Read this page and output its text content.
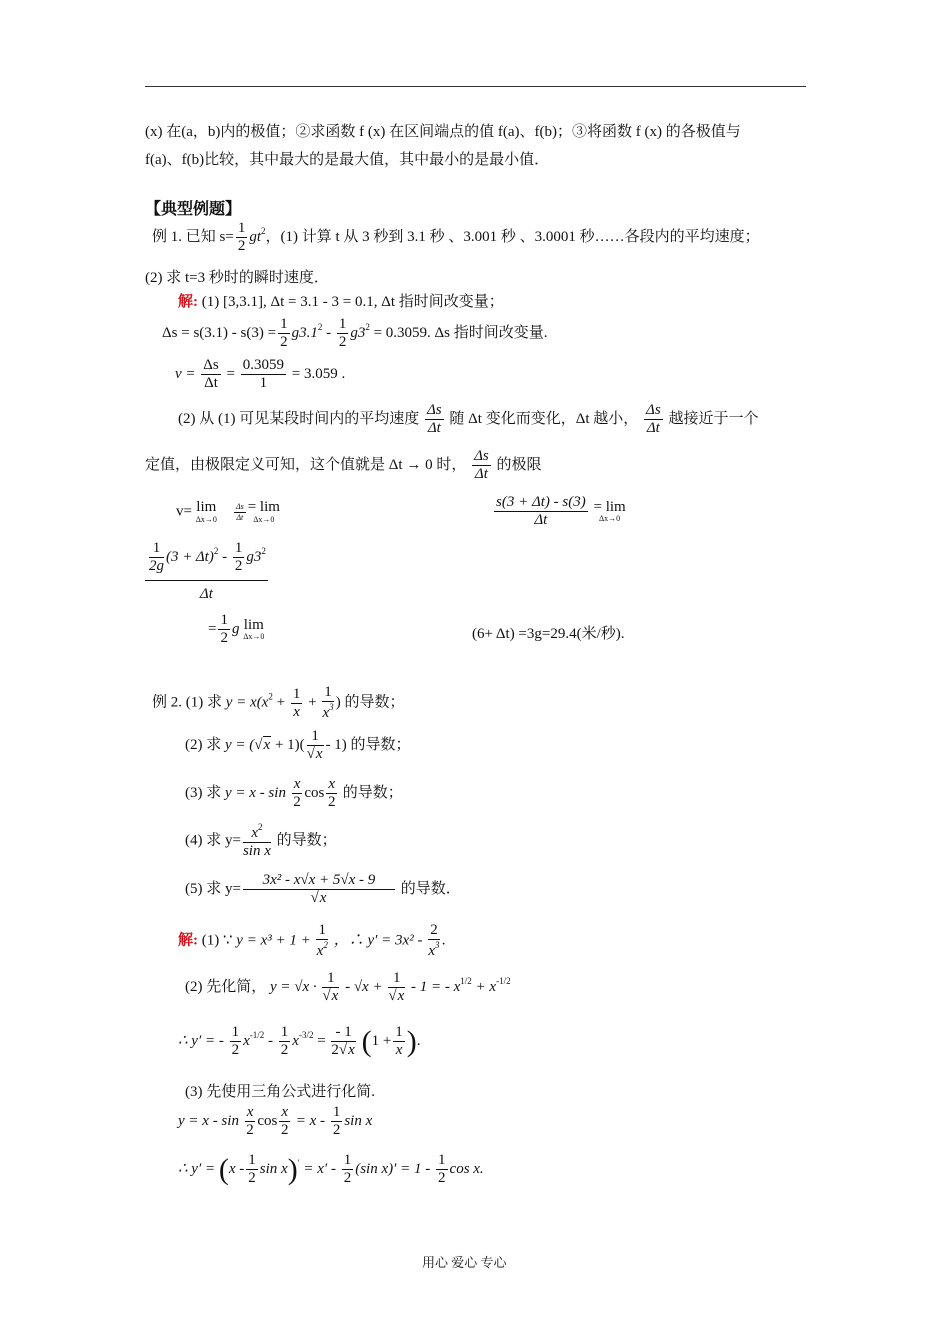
(x) 在(a，b)内的极值；②求函数 f (x) 在区间端点的值 f(a)、f(b)；③将函数 f (x) 的各极值与
f(a)、f(b)比较，其中最大的是最大值，其中最小的是最小值．
【典型例题】
例 1. 已知 $s= \frac{1}{2} gt^2$，(1) 计算 t 从 3 秒到 3.1 秒 、3.001 秒 、3.0001 秒……各段内的平均速度；
(2) 求 t=3 秒时的瞬时速度．
解: (1) [3,3.1], Δt = 3.1 - 3 = 0.1, Δt 指时间改变量；
$\Delta s = s(3.1) - s(3) = \frac{1}{2} g3.1^2 - \frac{1}{2} g3^2 = 0.3059$. Δs 指时间改变量.
$v = \frac{\Delta s}{\Delta t} = \frac{0.3059}{1} = 3.059$ .
(2) 从 (1) 可见某段时间内的平均速度 $\frac{\Delta s}{\Delta t}$ 随 Δt 变化而变化，Δt 越小， $\frac{\Delta s}{\Delta t}$ 越接近于一个
定值，由极限定义可知，这个值就是 Δt → 0 时， $\frac{\Delta s}{\Delta t}$ 的极限
v= lim
Δx→0
$\frac{\Delta s}{\Delta t} = \lim$
Δx→0	$\frac{s(3 + \Delta t) - s(3)}{\Delta t}$
= lim
Δx→0
$\frac{1}{2g} (3 + \Delta t)^2 - \frac{1}{2} g3^2$
Δt
= $\frac{1}{2}$ g lim
Δx→0	(6+ Δt) =3g=29.4(米/秒).
例 2. (1) 求 $y = x(x^2 + \frac{1}{x} + \frac{1}{x^3}$ ) 的导数；
(2) 求 $y = (√x + 1)( \frac{1}{√x} - 1)$ 的导数；
(3) 求 $y = x - \sin \frac{x}{2}$ $\cos \frac{x}{2}$ 的导数；
(4) 求 $y= \frac{x^2}{\text{sin x}}$ 的导数；
(5) 求 $y= \frac{\text{3x² - x√x + 5√x - 9}}{√x}$ 的导数．
解: (1) ∵ $y = x^3 + 1 + \frac{1}{x^2}$ ，∴ $y' = 3x^2 - \frac{2}{x^3}$ .
(2) 先化简， $y = √x \cdot \frac{1}{√x} - √x + \frac{1}{√x} - 1$ = - $x^{1/2} + x^{-1/2}$
∴ y′ = - $\frac{1}{2} x^{-1/2} - \frac{1}{2} x^{-3/2} = \frac{- 1}{2√x} (1 + \frac{1}{x}$ ).
(3) 先使用三角公式进行化简.
$y = x - \sin \frac{x}{2}$ $\cos \frac{x}{2} = x - \frac{1}{2}$ sin x
∴ $y' = (x - \frac{1}{2}$ $\sin x)' = x' - \frac{1}{2} (\sin$ $x)' = 1 - \frac{1}{2}$ cos x.
用心 爱心 专心
